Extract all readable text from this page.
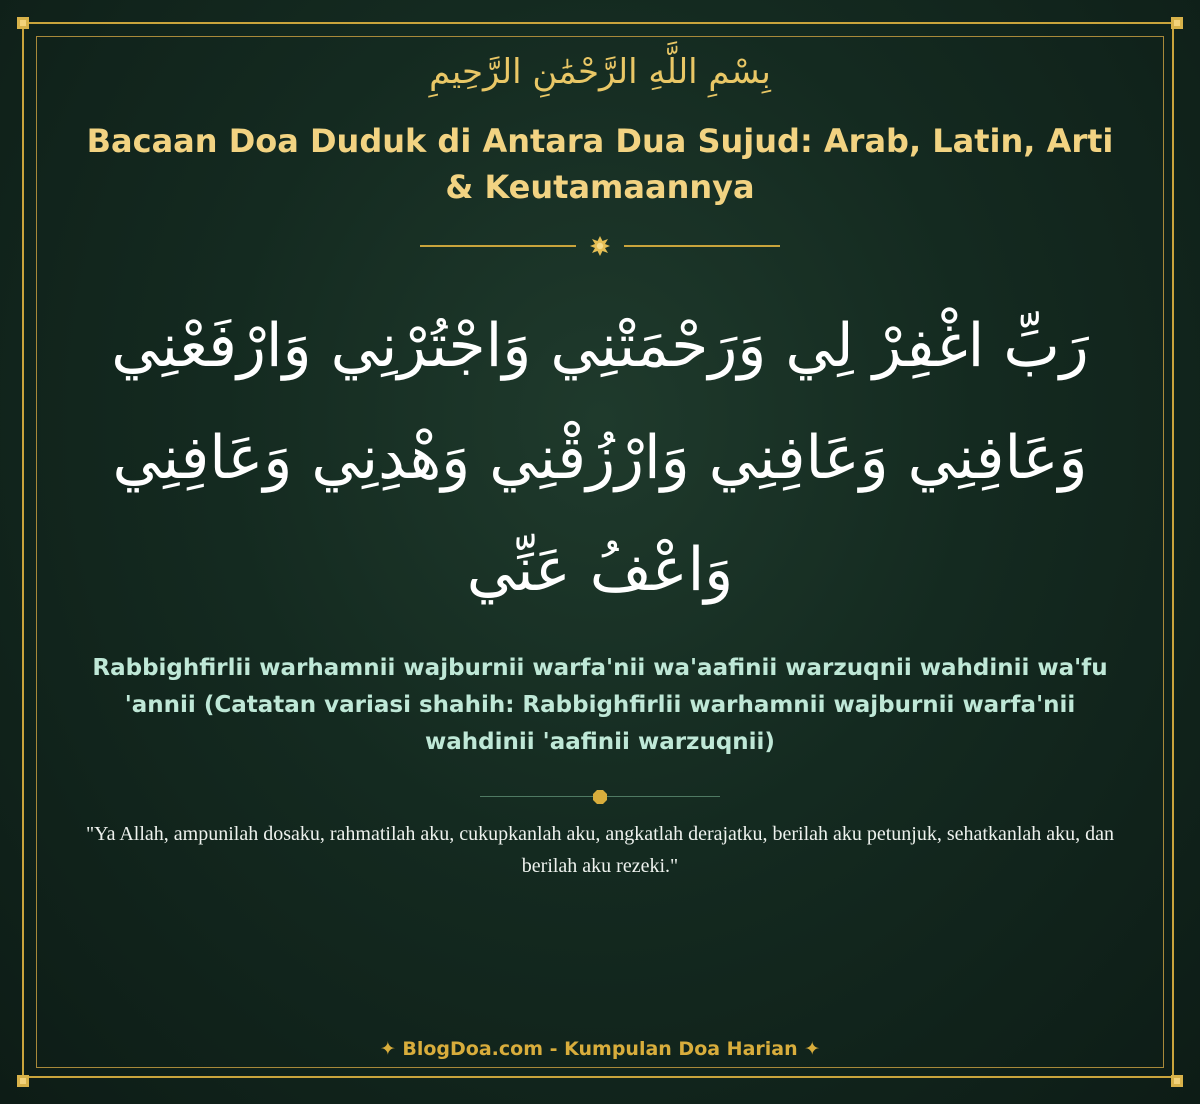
بِسْمِ اللَّهِ الرَّحْمَٰنِ الرَّحِيمِ
Bacaan Doa Duduk di Antara Dua Sujud: Arab, Latin, Arti & Keutamaannya
رَبِّ اغْفِرْ لِي وَرَحْمَتْنِي وَاجْتُرْنِي وَارْفَعْنِي وَعَافِنِي وَعَافِنِي وَارْزُقْنِي وَهْدِنِي وَعَافِنِي وَاعْفُ عَنِّي
Rabbighfirlii warhamnii wajburnii warfa'nii wa'aafinii warzuqnii wahdinii wa'fu 'annii (Catatan variasi shahih: Rabbighfirlii warhamnii wajburnii warfa'nii wahdinii 'aafinii warzuqnii)
"Ya Allah, ampunilah dosaku, rahmatilah aku, cukupkanlah aku, angkatlah derajatku, berilah aku petunjuk, sehatkanlah aku, dan berilah aku rezeki."
✦ BlogDoa.com - Kumpulan Doa Harian ✦
